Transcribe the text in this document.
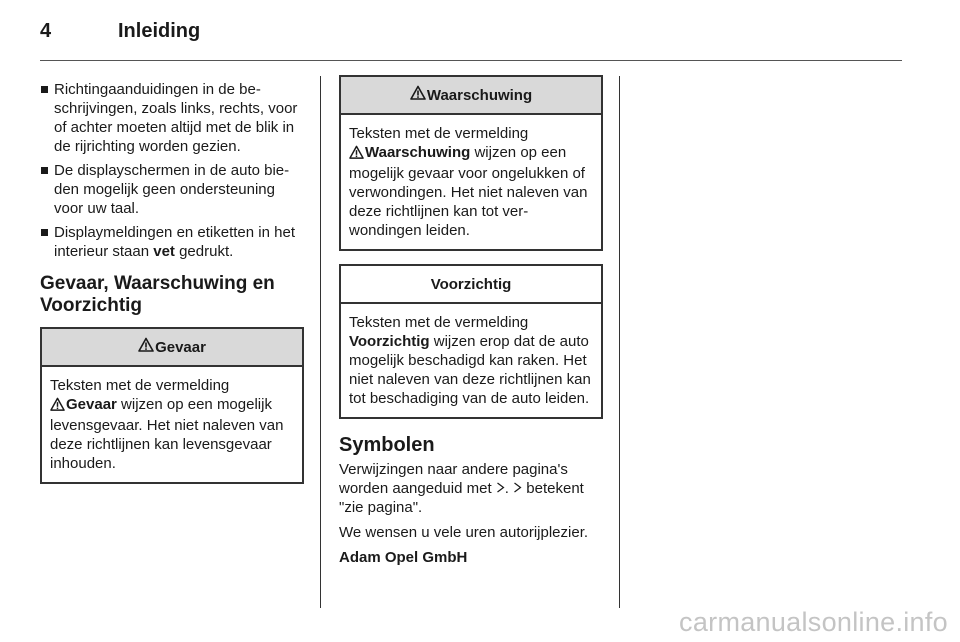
4	Inleiding
Richtingaanduidingen in de beschrijvingen, zoals links, rechts, voor of achter moeten altijd met de blik in de rijrichting worden gezien.
De displayschermen in de auto bieden mogelijk geen ondersteuning voor uw taal.
Displaymeldingen en etiketten in het interieur staan vet gedrukt.
Gevaar, Waarschuwing en Voorzichtig
Gevaar
Teksten met de vermelding
Gevaar wijzen op een mogelijk levensgevaar. Het niet naleven van deze richtlijnen kan levensgevaar inhouden.
Waarschuwing
Teksten met de vermelding
Waarschuwing wijzen op een mogelijk gevaar voor ongelukken of verwondingen. Het niet naleven van deze richtlijnen kan tot verwondingen leiden.
Voorzichtig
Teksten met de vermelding
Voorzichtig wijzen erop dat de auto mogelijk beschadigd kan raken. Het niet naleven van deze richtlijnen kan tot beschadiging van de auto leiden.
Symbolen

Verwijzingen naar andere pagina's worden aangeduid met .  betekent "zie pagina".

We wensen u vele uren autorijplezier.

Adam Opel GmbH

carmanualsonline.info
